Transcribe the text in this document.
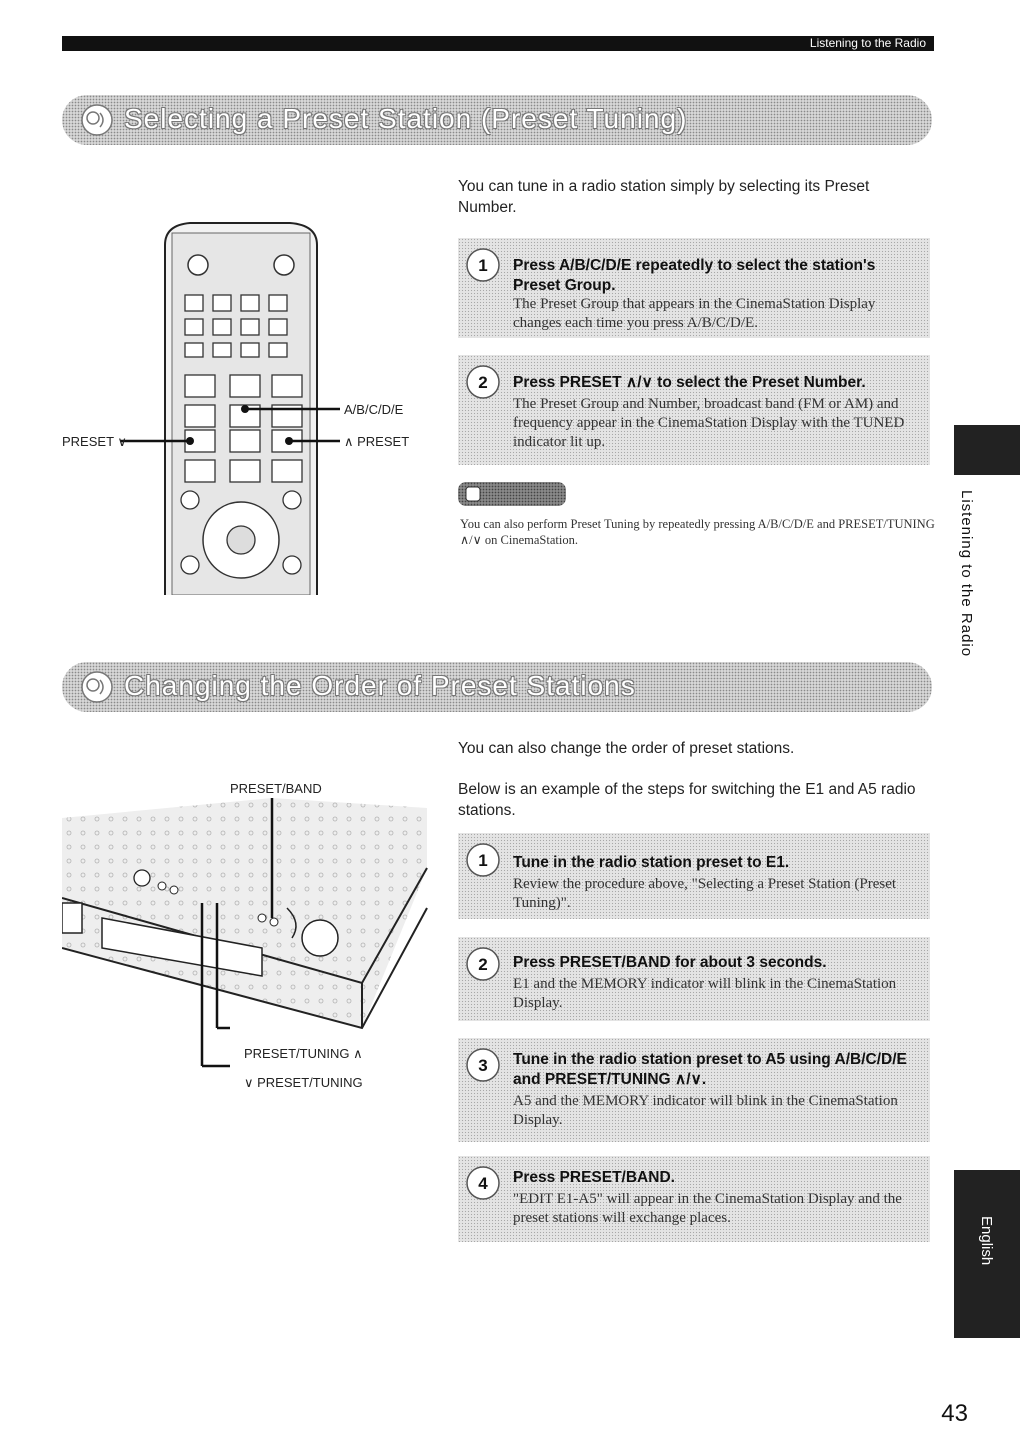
Listening to the Radio
Selecting a Preset Station (Preset Tuning)
You can tune in a radio station simply by selecting its Preset Number.
A/B/C/D/E
∧ PRESET
PRESET ∨
1 Press A/B/C/D/E repeatedly to select the station's Preset Group.
The Preset Group that appears in the CinemaStation Display changes each time you press A/B/C/D/E.
2 Press PRESET ∧/∨ to select the Preset Number.
The Preset Group and Number, broadcast band (FM or AM) and frequency appear in the CinemaStation Display with the TUNED indicator lit up.
You can also perform Preset Tuning by repeatedly pressing A/B/C/D/E and PRESET/TUNING ∧/∨ on CinemaStation.
Changing the Order of Preset Stations
You can also change the order of preset stations.
Below is an example of the steps for switching the E1 and A5 radio stations.
PRESET/BAND
PRESET/TUNING ∧
∨ PRESET/TUNING
1 Tune in the radio station preset to E1.
Review the procedure above, "Selecting a Preset Station (Preset Tuning)".
2 Press PRESET/BAND for about 3 seconds.
E1 and the MEMORY indicator will blink in the CinemaStation Display.
3 Tune in the radio station preset to A5 using A/B/C/D/E and PRESET/TUNING ∧/∨.
A5 and the MEMORY indicator will blink in the CinemaStation Display.
4 Press PRESET/BAND.
"EDIT E1-A5" will appear in the CinemaStation Display and the preset stations will exchange places.
Listening to the Radio
English
43
